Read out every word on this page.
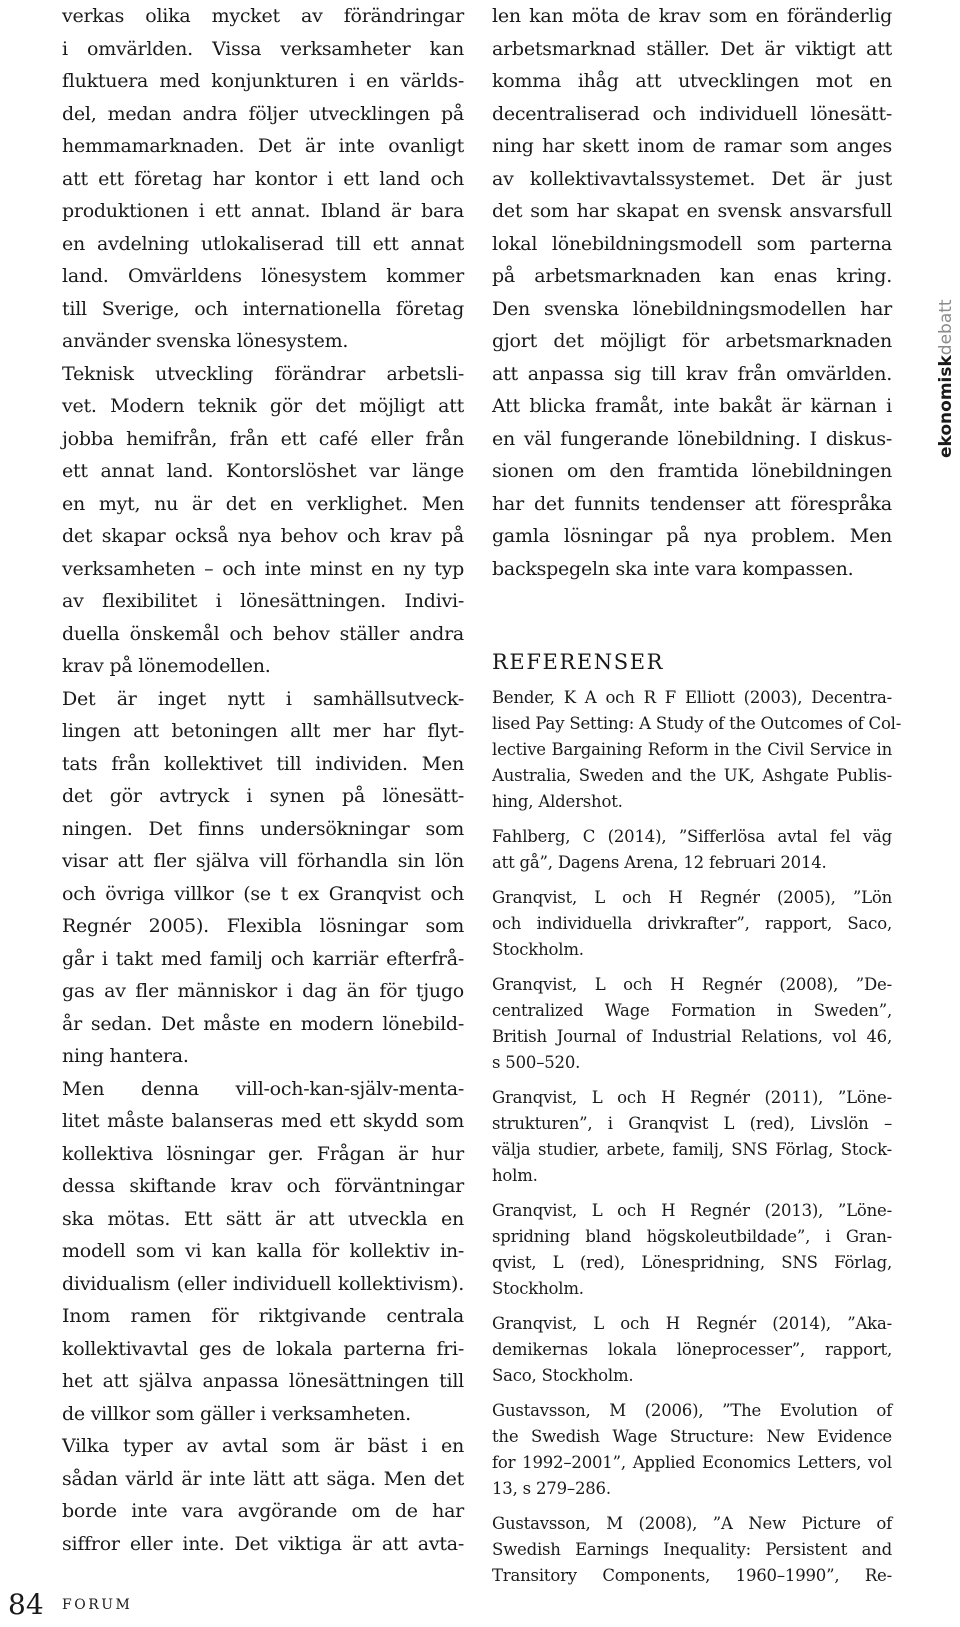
verkas olika mycket av förändringar
i omvärlden. Vissa verksamheter kan
fluktuera med konjunkturen i en världs-
del, medan andra följer utvecklingen på
hemmamarknaden. Det är inte ovanligt
att ett företag har kontor i ett land och
produktionen i ett annat. Ibland är bara
en avdelning utlokaliserad till ett annat
land. Omvärldens lönesystem kommer
till Sverige, och internationella företag
använder svenska lönesystem.
Teknisk utveckling förändrar arbetsli-
vet. Modern teknik gör det möjligt att
jobba hemifrån, från ett café eller från
ett annat land. Kontorslöshet var länge
en myt, nu är det en verklighet. Men
det skapar också nya behov och krav på
verksamheten – och inte minst en ny typ
av flexibilitet i lönesättningen. Indivi-
duella önskemål och behov ställer andra
krav på lönemodellen.
Det är inget nytt i samhällsutveck-
lingen att betoningen allt mer har flyt-
tats från kollektivet till individen. Men
det gör avtryck i synen på lönesätt-
ningen. Det finns undersökningar som
visar att fler själva vill förhandla sin lön
och övriga villkor (se t ex Granqvist och
Regnér 2005). Flexibla lösningar som
går i takt med familj och karriär efterfrå-
gas av fler människor i dag än för tjugo
år sedan. Det måste en modern lönebild-
ning hantera.
Men denna vill-och-kan-själv-menta-
litet måste balanseras med ett skydd som
kollektiva lösningar ger. Frågan är hur
dessa skiftande krav och förväntningar
ska mötas. Ett sätt är att utveckla en
modell som vi kan kalla för kollektiv in-
dividualism (eller individuell kollektivism).
Inom ramen för riktgivande centrala
kollektivavtal ges de lokala parterna fri-
het att själva anpassa lönesättningen till
de villkor som gäller i verksamheten.
Vilka typer av avtal som är bäst i en
sådan värld är inte lätt att säga. Men det
borde inte vara avgörande om de har
siffror eller inte. Det viktiga är att avta-
len kan möta de krav som en föränderlig
arbetsmarknad ställer. Det är viktigt att
komma ihåg att utvecklingen mot en
decentraliserad och individuell lönesätt-
ning har skett inom de ramar som anges
av kollektivavtalssystemet. Det är just
det som har skapat en svensk ansvarsfull
lokal lönebildningsmodell som parterna
på arbetsmarknaden kan enas kring.
Den svenska lönebildningsmodellen har
gjort det möjligt för arbetsmarknaden
att anpassa sig till krav från omvärlden.
Att blicka framåt, inte bakåt är kärnan i
en väl fungerande lönebildning. I diskus-
sionen om den framtida lönebildningen
har det funnits tendenser att förespråka
gamla lösningar på nya problem. Men
backspegeln ska inte vara kompassen.
REFERENSER
Bender, K A och R F Elliott (2003), Decentra-
lised Pay Setting: A Study of the Outcomes of Col-
lective Bargaining Reform in the Civil Service in
Australia, Sweden and the UK, Ashgate Publis-
hing, Aldershot.
Fahlberg, C (2014), ”Sifferlösa avtal fel väg
att gå”, Dagens Arena, 12 februari 2014.
Granqvist, L och H Regnér (2005), ”Lön
och individuella drivkrafter”, rapport, Saco,
Stockholm.
Granqvist, L och H Regnér (2008), ”De-
centralized Wage Formation in Sweden”,
British Journal of Industrial Relations, vol 46,
s 500–520.
Granqvist, L och H Regnér (2011), ”Löne-
strukturen”, i Granqvist L (red), Livslön –
välja studier, arbete, familj, SNS Förlag, Stock-
holm.
Granqvist, L och H Regnér (2013), ”Löne-
spridning bland högskoleutbildade”, i Gran-
qvist, L (red), Lönespridning, SNS Förlag,
Stockholm.
Granqvist, L och H Regnér (2014), ”Aka-
demikernas lokala löneprocesser”, rapport,
Saco, Stockholm.
Gustavsson, M (2006), ”The Evolution of
the Swedish Wage Structure: New Evidence
for 1992–2001”, Applied Economics Letters, vol
13, s 279–286.
Gustavsson, M (2008), ”A New Picture of
Swedish Earnings Inequality: Persistent and
Transitory Components, 1960–1990”, Re-
ekonomiskdebatt
84 FORUM
